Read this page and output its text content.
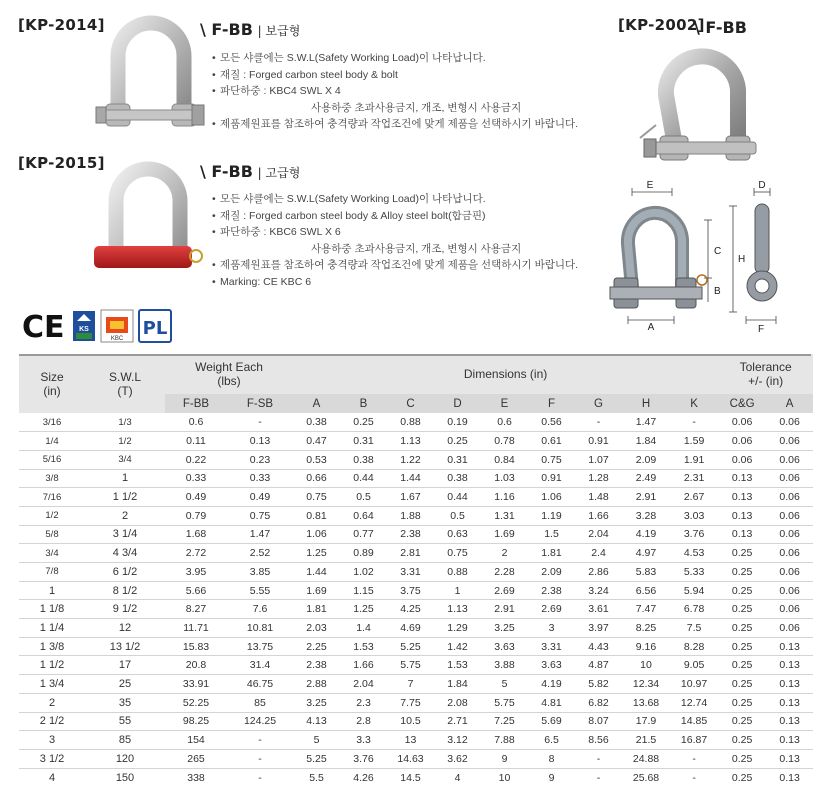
[KP-2014]	\ F-BB | 보급형
• 모든 샤클에는 S.W.L(Safety Working Load)이 나타납니다.
• 재질 : Forged carbon steel body & bolt
• 파단하중 : KBC4 SWL X 4
사용하중 초과사용금지, 개조, 변형시 사용금지
• 제품제원표를 참조하여 충격량과 작업조건에 맞게 제품을 선택하시기 바랍니다.
[KP-2015]	\ F-BB | 고급형
• 모든 샤클에는 S.W.L(Safety Working Load)이 나타납니다.
• 재질 : Forged carbon steel body & Alloy steel bolt(합금핀)
• 파단하중 : KBC6 SWL X 6
사용하중 초과사용금지, 개조, 변형시 사용금지
• 제품제원표를 참조하여 충격량과 작업조건에 맞게 제품을 선택하시기 바랍니다.
• Marking: CE KBC 6
[KP-2002]
\ F-BB
E	D
C
H
B
A	F
KBC
CE KS
KBC PL
Size
(in)	S.W.L
(T)	Weight Each
(lbs)		Dimensions (in)									Tolerance
+/- (in)	
		F-BB	F-SB	A	B	C	D	E	F	G	H	K	C&G	A
3/16	1/3	0.6	-	0.38	0.25	0.88	0.19	0.6	0.56	-	1.47	-	0.06	0.06
1/4	1/2	0.11	0.13	0.47	0.31	1.13	0.25	0.78	0.61	0.91	1.84	1.59	0.06	0.06
5/16	3/4	0.22	0.23	0.53	0.38	1.22	0.31	0.84	0.75	1.07	2.09	1.91	0.06	0.06
3/8	1	0.33	0.33	0.66	0.44	1.44	0.38	1.03	0.91	1.28	2.49	2.31	0.13	0.06
7/16	1 1/2	0.49	0.49	0.75	0.5	1.67	0.44	1.16	1.06	1.48	2.91	2.67	0.13	0.06
1/2	2	0.79	0.75	0.81	0.64	1.88	0.5	1.31	1.19	1.66	3.28	3.03	0.13	0.06
5/8	3 1/4	1.68	1.47	1.06	0.77	2.38	0.63	1.69	1.5	2.04	4.19	3.76	0.13	0.06
3/4	4 3/4	2.72	2.52	1.25	0.89	2.81	0.75	2	1.81	2.4	4.97	4.53	0.25	0.06
7/8	6 1/2	3.95	3.85	1.44	1.02	3.31	0.88	2.28	2.09	2.86	5.83	5.33	0.25	0.06
1	8 1/2	5.66	5.55	1.69	1.15	3.75	1	2.69	2.38	3.24	6.56	5.94	0.25	0.06
1 1/8	9 1/2	8.27	7.6	1.81	1.25	4.25	1.13	2.91	2.69	3.61	7.47	6.78	0.25	0.06
1 1/4	12	11.71	10.81	2.03	1.4	4.69	1.29	3.25	3	3.97	8.25	7.5	0.25	0.06
1 3/8	13 1/2	15.83	13.75	2.25	1.53	5.25	1.42	3.63	3.31	4.43	9.16	8.28	0.25	0.13
1 1/2	17	20.8	31.4	2.38	1.66	5.75	1.53	3.88	3.63	4.87	10	9.05	0.25	0.13
1 3/4	25	33.91	46.75	2.88	2.04	7	1.84	5	4.19	5.82	12.34	10.97	0.25	0.13
2	35	52.25	85	3.25	2.3	7.75	2.08	5.75	4.81	6.82	13.68	12.74	0.25	0.13
2 1/2	55	98.25	124.25	4.13	2.8	10.5	2.71	7.25	5.69	8.07	17.9	14.85	0.25	0.13
3	85	154	-	5	3.3	13	3.12	7.88	6.5	8.56	21.5	16.87	0.25	0.13
3 1/2	120	265	-	5.25	3.76	14.63	3.62	9	8	-	24.88	-	0.25	0.13
4	150	338	-	5.5	4.26	14.5	4	10	9	-	25.68	-	0.25	0.13
